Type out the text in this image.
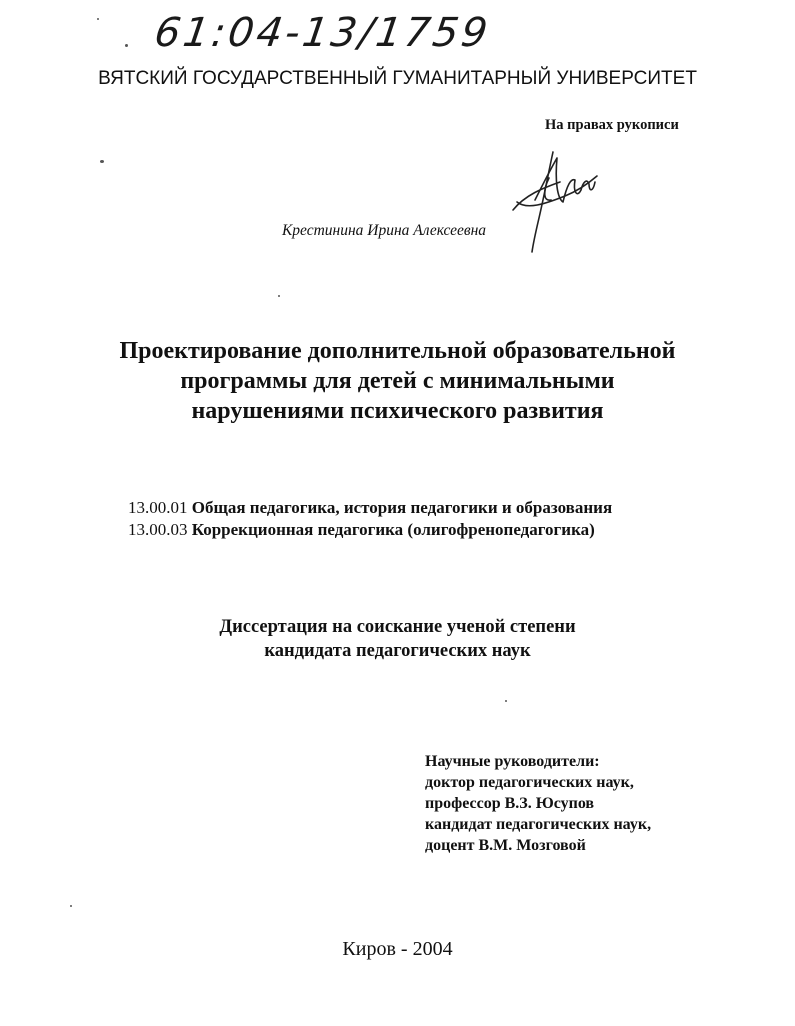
61:04-13/1759
ВЯТСКИЙ ГОСУДАРСТВЕННЫЙ ГУМАНИТАРНЫЙ УНИВЕРСИТЕТ
На правах рукописи
Крестинина Ирина Алексеевна
Проектирование дополнительной образовательной
программы для детей с минимальными
нарушениями психического развития
13.00.01 Общая педагогика, история педагогики и образования
13.00.03 Коррекционная педагогика (олигофренопедагогика)
Диссертация на соискание ученой степени
кандидата педагогических наук
Научные руководители:
доктор педагогических наук,
профессор В.З. Юсупов
кандидат педагогических наук,
доцент В.М. Мозговой
Киров - 2004
